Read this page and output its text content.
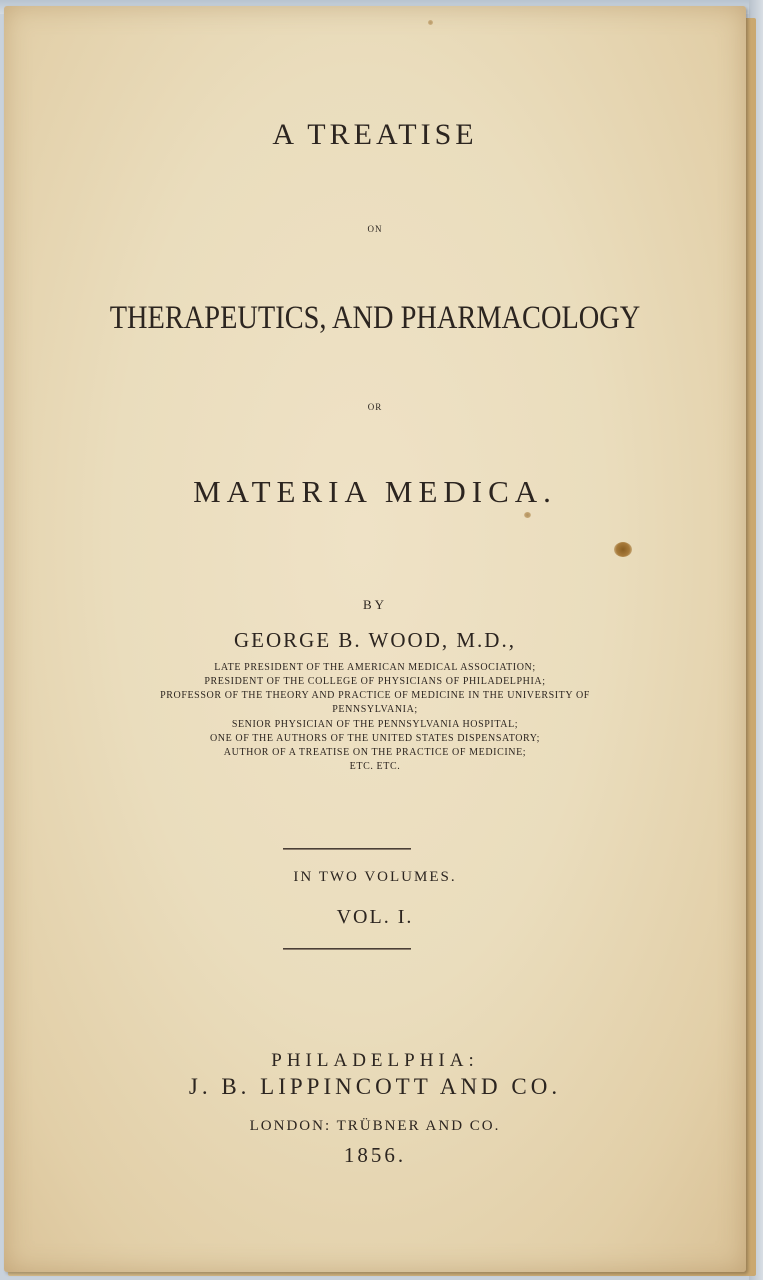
A TREATISE

ON

THERAPEUTICS, AND PHARMACOLOGY

OR

MATERIA MEDICA.

BY

GEORGE B. WOOD, M.D.,

LATE PRESIDENT OF THE AMERICAN MEDICAL ASSOCIATION;

PRESIDENT OF THE COLLEGE OF PHYSICIANS OF PHILADELPHIA;

PROFESSOR OF THE THEORY AND PRACTICE OF MEDICINE IN THE UNIVERSITY OF

PENNSYLVANIA;

SENIOR PHYSICIAN OF THE PENNSYLVANIA HOSPITAL;

ONE OF THE AUTHORS OF THE UNITED STATES DISPENSATORY;

AUTHOR OF A TREATISE ON THE PRACTICE OF MEDICINE;

ETC. ETC.

IN TWO VOLUMES.

VOL. I.

PHILADELPHIA:

J. B. LIPPINCOTT AND CO.

LONDON: TRÜBNER AND CO.

1856.
